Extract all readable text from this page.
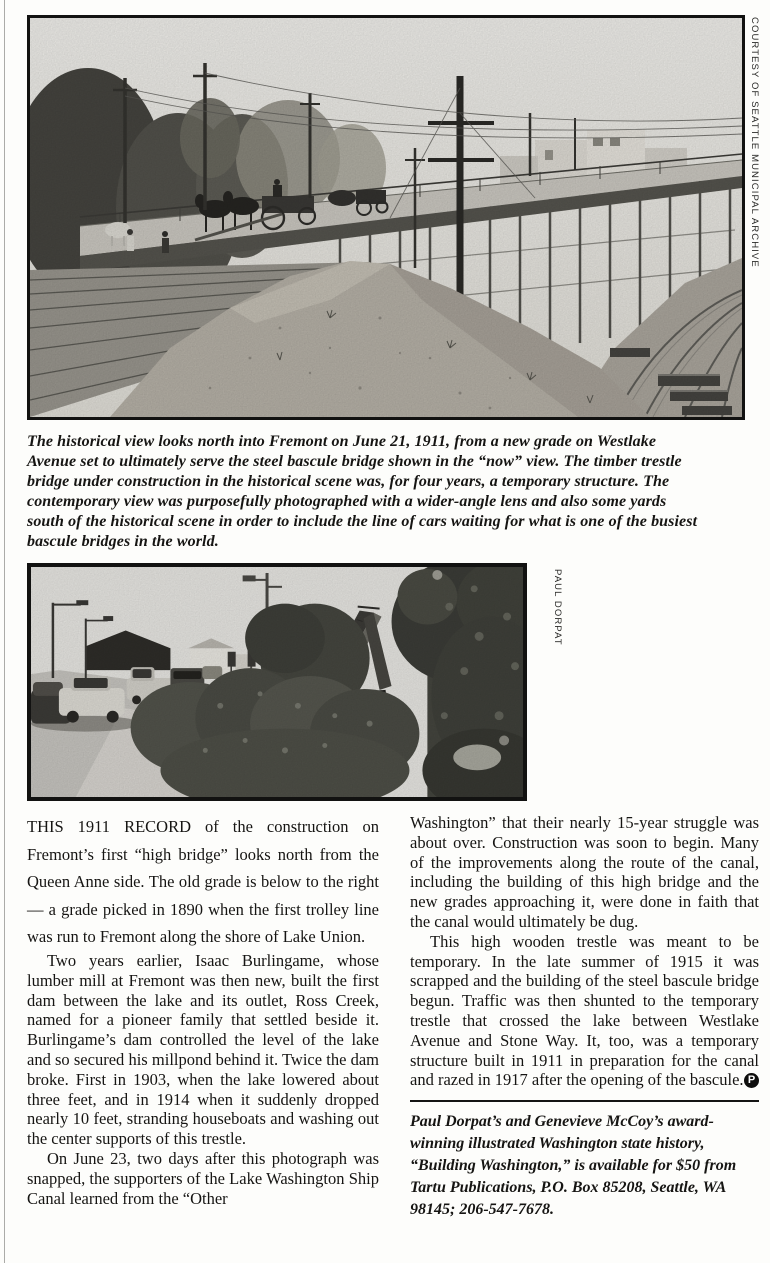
COURTESY OF SEATTLE MUNICIPAL ARCHIVE
The historical view looks north into Fremont on June 21, 1911, from a new grade on Westlake Avenue set to ultimately serve the steel bascule bridge shown in the “now” view. The timber trestle bridge under construction in the historical scene was, for four years, a temporary structure. The contemporary view was purposefully photographed with a wider-angle lens and also some yards south of the historical scene in order to include the line of cars waiting for what is one of the busiest bascule bridges in the world.
PAUL DORPAT

THIS 1911 RECORD of the construction on Fremont’s first “high bridge” looks north from the Queen Anne side. The old grade is below to the right — a grade picked in 1890 when the first trolley line was run to Fremont along the shore of Lake Union.

Two years earlier, Isaac Burlingame, whose lumber mill at Fremont was then new, built the first dam between the lake and its outlet, Ross Creek, named for a pioneer family that settled beside it. Burlingame’s dam controlled the level of the lake and so secured his millpond behind it. Twice the dam broke. First in 1903, when the lake lowered about three feet, and in 1914 when it suddenly dropped nearly 10 feet, stranding houseboats and washing out the center supports of this trestle.

On June 23, two days after this photograph was snapped, the supporters of the Lake Washington Ship Canal learned from the “Other

Washington” that their nearly 15-year struggle was about over. Construction was soon to begin. Many of the improvements along the route of the canal, including the building of this high bridge and the new grades approaching it, were done in faith that the canal would ultimately be dug.

This high wooden trestle was meant to be temporary. In the late summer of 1915 it was scrapped and the building of the steel bascule bridge begun. Traffic was then shunted to the temporary trestle that crossed the lake between Westlake Avenue and Stone Way. It, too, was a temporary structure built in 1911 in preparation for the canal and razed in 1917 after the opening of the bascule. P

Paul Dorpat’s and Genevieve McCoy’s award-winning illustrated Washington state history, “Building Washington,” is available for $50 from Tartu Publications, P.O. Box 85208, Seattle, WA 98145; 206-547-7678.
